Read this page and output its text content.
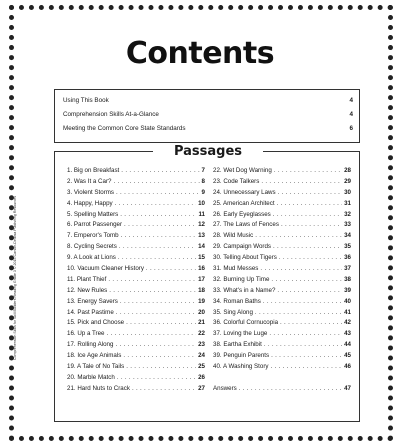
Comprehension Skills for Skill Builders Reading Grade 3 © 2015 Carson-Dellosa Publishing Resources
Contents
Using This Book	4
Comprehension Skills At-a-Glance	4
Meeting the Common Core State Standards	6
Passages
1. Big on Breakfast . . .	7
2. Was It a Car? . . .	8
3. Violent Storms . . .	9
4. Happy, Happy . . .	10
5. Spelling Matters . . .	11
6. Parrot Passenger . . .	12
7. Emperor's Tomb . . .	13
8. Cycling Secrets . . .	14
9. A Look at Lions . . .	15
10. Vacuum Cleaner History . . .	16
11. Plant Thief . . .	17
12. New Rules . . .	18
13. Energy Savers . . .	19
14. Past Pastime . . .	20
15. Pick and Choose . . .	21
16. Up a Tree . . .	22
17. Rolling Along . . .	23
18. Ice Age Animals . . .	24
19. A Tale of No Tails . . .	25
20. Marble Match . . .	26
21. Hard Nuts to Crack . . .	27
22. Wet Dog Warning . . .	28
23. Code Talkers . . .	29
24. Unnecessary Laws . . .	30
25. American Architect . . .	31
26. Early Eyeglasses . . .	32
27. The Laws of Fences . . .	33
28. Wild Music . . .	34
29. Campaign Words . . .	35
30. Telling About Tigers . . .	36
31. Mud Messes . . .	37
32. Burning Up Time . . .	38
33. What's in a Name? . . .	39
34. Roman Baths . . .	40
35. Sing Along . . .	41
36. Colorful Cornucopia . . .	42
37. Loving the Luge . . .	43
38. Eartha Exhibit . . .	44
39. Penguin Parents . . .	45
40. A Washing Story . . .	46
Answers . . .	47
